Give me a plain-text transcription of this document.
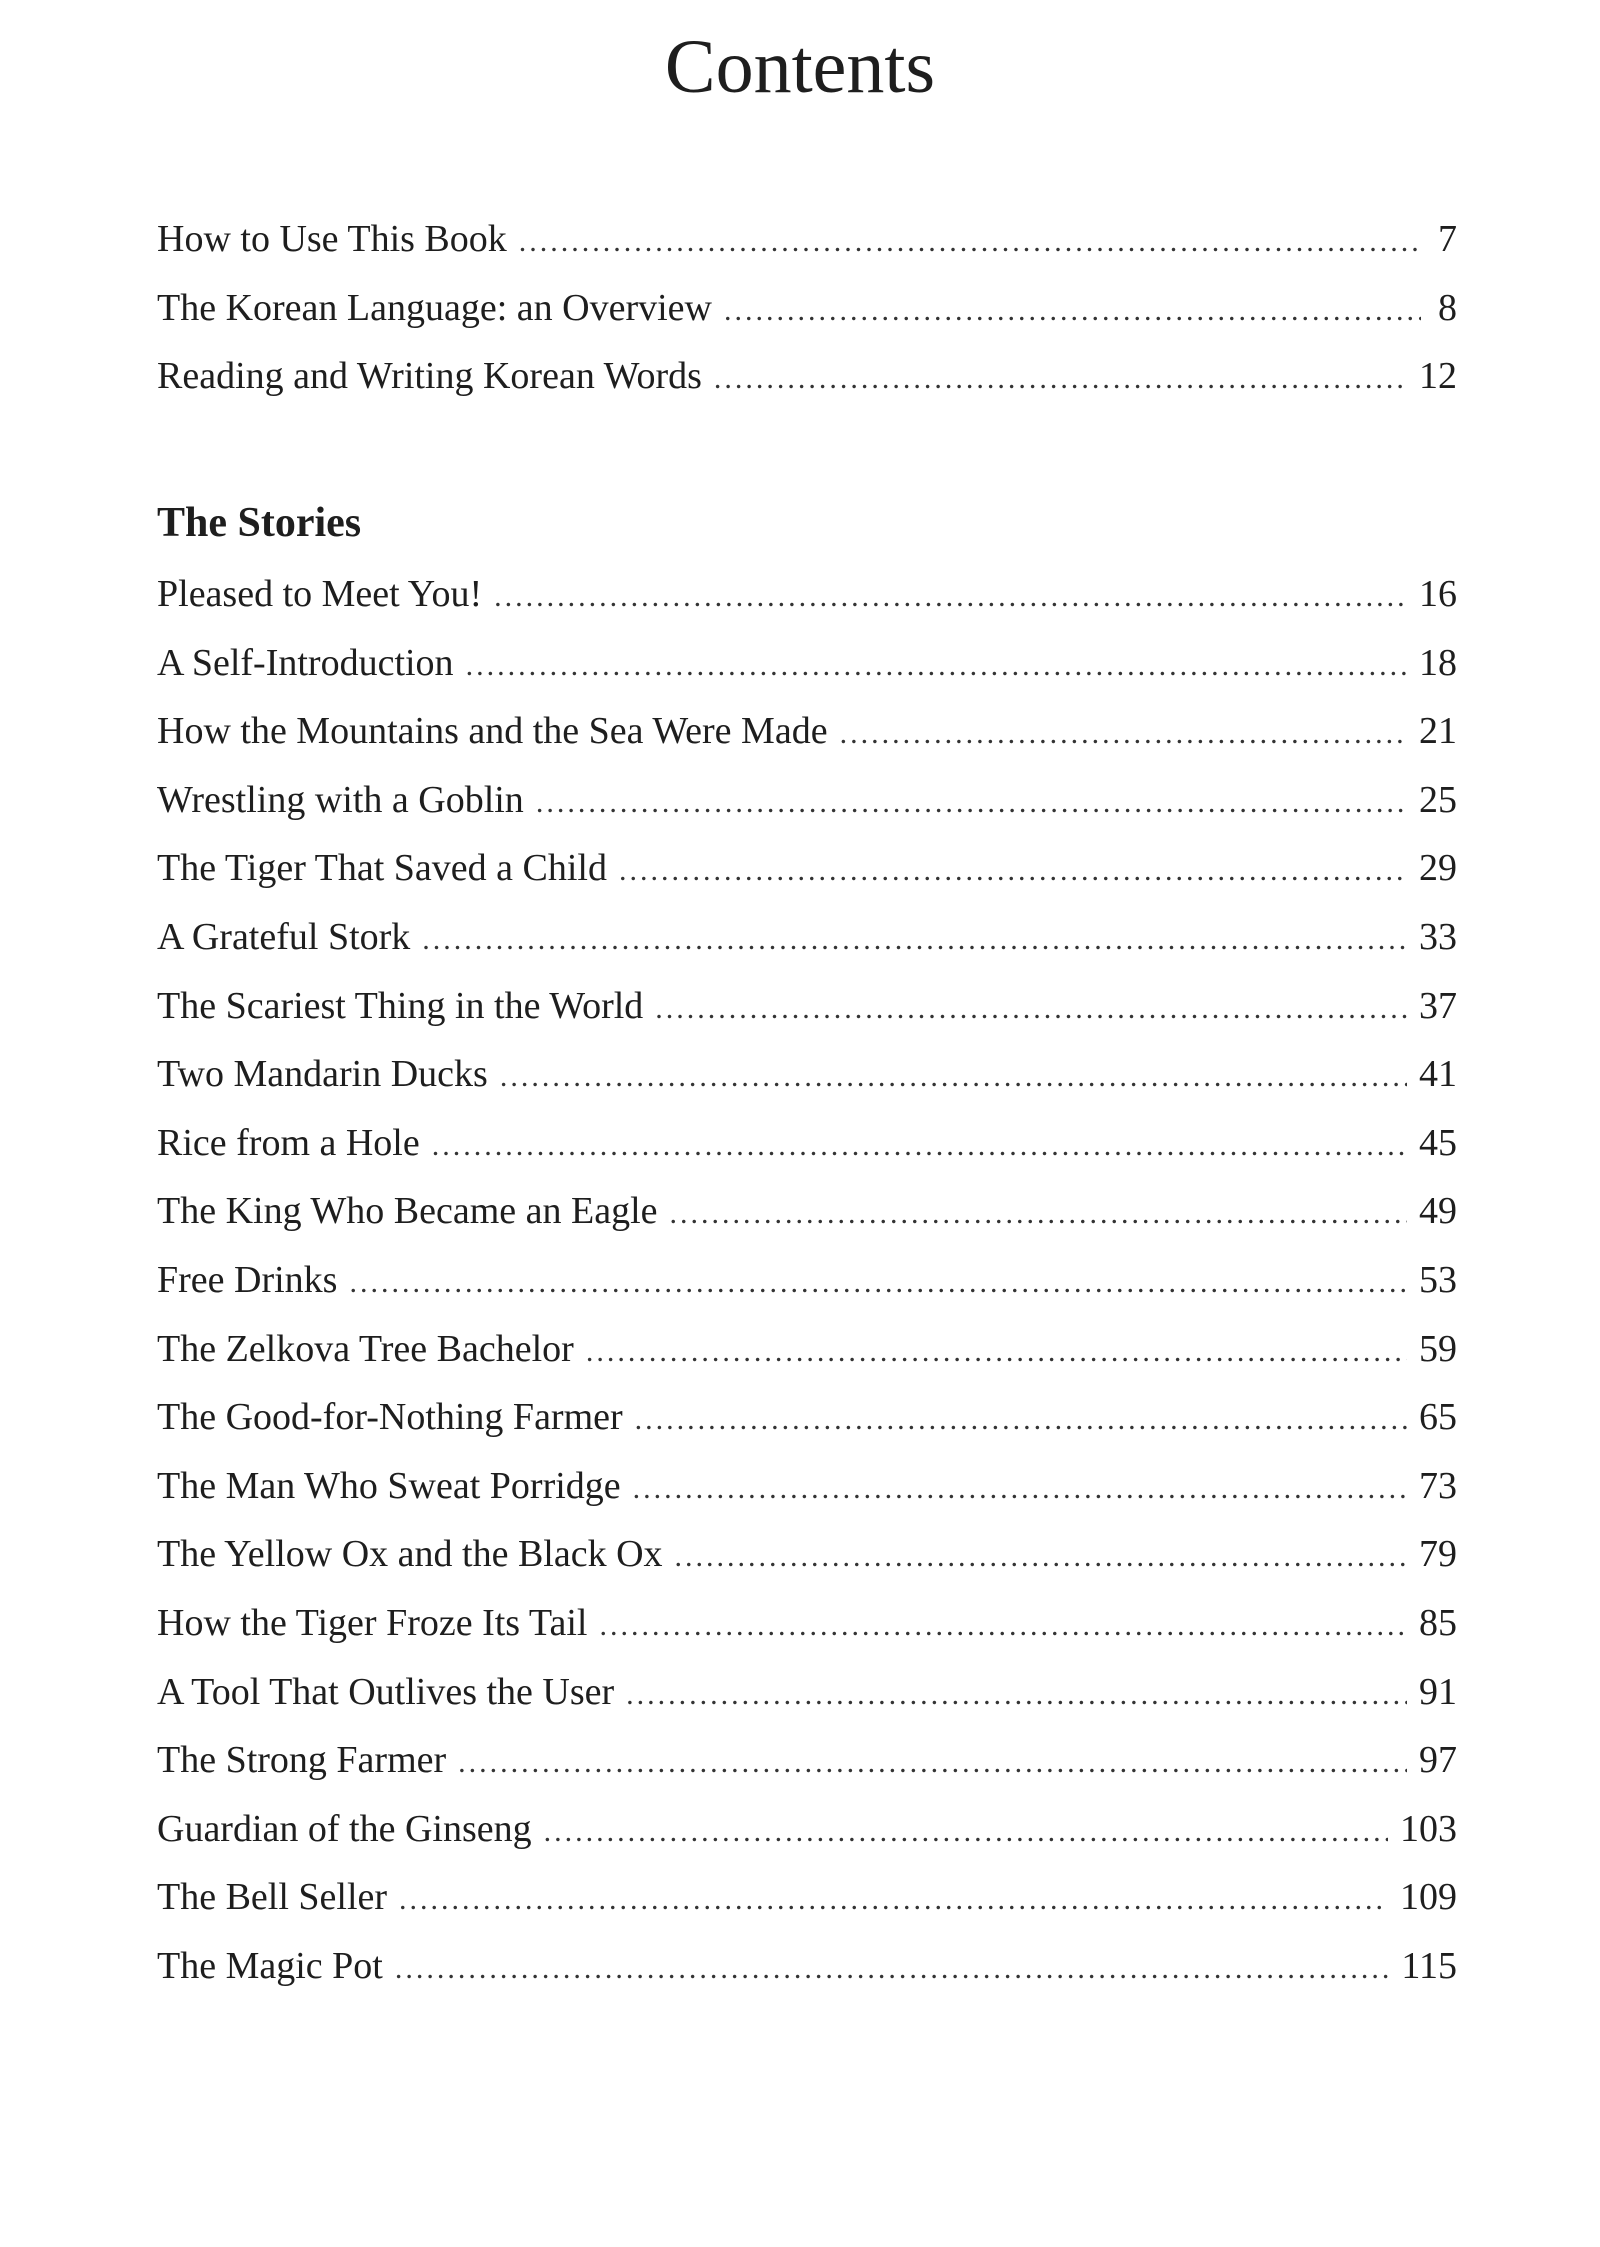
Contents
How to Use This Book .....	7
The Korean Language: an Overview .....	8
Reading and Writing Korean Words .....	12
The Stories
Pleased to Meet You! .....	16
A Self-Introduction .....	18
How the Mountains and the Sea Were Made .....	21
Wrestling with a Goblin .....	25
The Tiger That Saved a Child .....	29
A Grateful Stork .....	33
The Scariest Thing in the World .....	37
Two Mandarin Ducks .....	41
Rice from a Hole .....	45
The King Who Became an Eagle .....	49
Free Drinks .....	53
The Zelkova Tree Bachelor .....	59
The Good-for-Nothing Farmer .....	65
The Man Who Sweat Porridge .....	73
The Yellow Ox and the Black Ox .....	79
How the Tiger Froze Its Tail .....	85
A Tool That Outlives the User .....	91
The Strong Farmer .....	97
Guardian of the Ginseng .....	103
The Bell Seller .....	109
The Magic Pot .....	115
